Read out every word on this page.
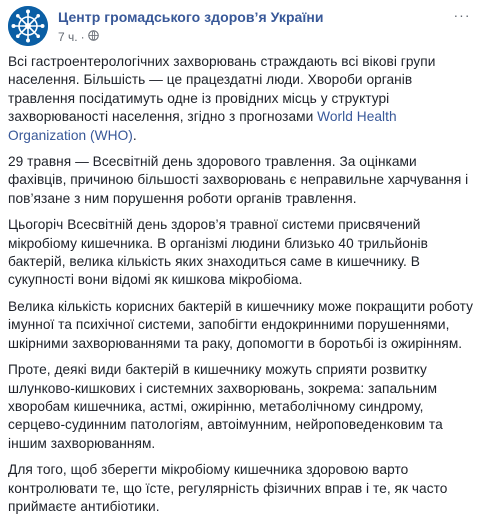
Центр громадського здоров’я України
7 ч. ·
···

Всі гастроентерологічних захворювань страждають всі вікові групи населення. Більшість — це працездатні люди. Хвороби органів травлення посідатимуть одне із провідних місць у структурі захворюваності населення, згідно з прогнозами World Health Organization (WHO).

29 травня — Всесвітній день здорового травлення. За оцінками фахівців, причиною більшості захворювань є неправильне харчування і пов’язане з ним порушення роботи органів травлення.

Цьогоріч Всесвітній день здоров’я травної системи присвячений мікробіому кишечника. В організмі людини близько 40 трильйонів бактерій, велика кількість яких знаходиться саме в кишечнику. В сукупності вони відомі як кишкова мікробіома.

Велика кількість корисних бактерій в кишечнику може покращити роботу імунної та психічної системи, запобігти ендокринними порушеннями, шкірними захворюваннями та раку, допомогти в боротьбі із ожирінням.

Проте, деякі види бактерій в кишечнику можуть сприяти розвитку шлунково-кишкових і системних захворювань, зокрема: запальним хворобам кишечника, астмі, ожирінню, метаболічному синдрому, серцево-судинним патологіям, автоімунним, нейроповеденковим та іншим захворюванням.

Для того, щоб зберегти мікробіому кишечника здоровою варто контролювати те, що їсте, регулярність фізичних вправ і те, як часто приймаєте антибіотики.
